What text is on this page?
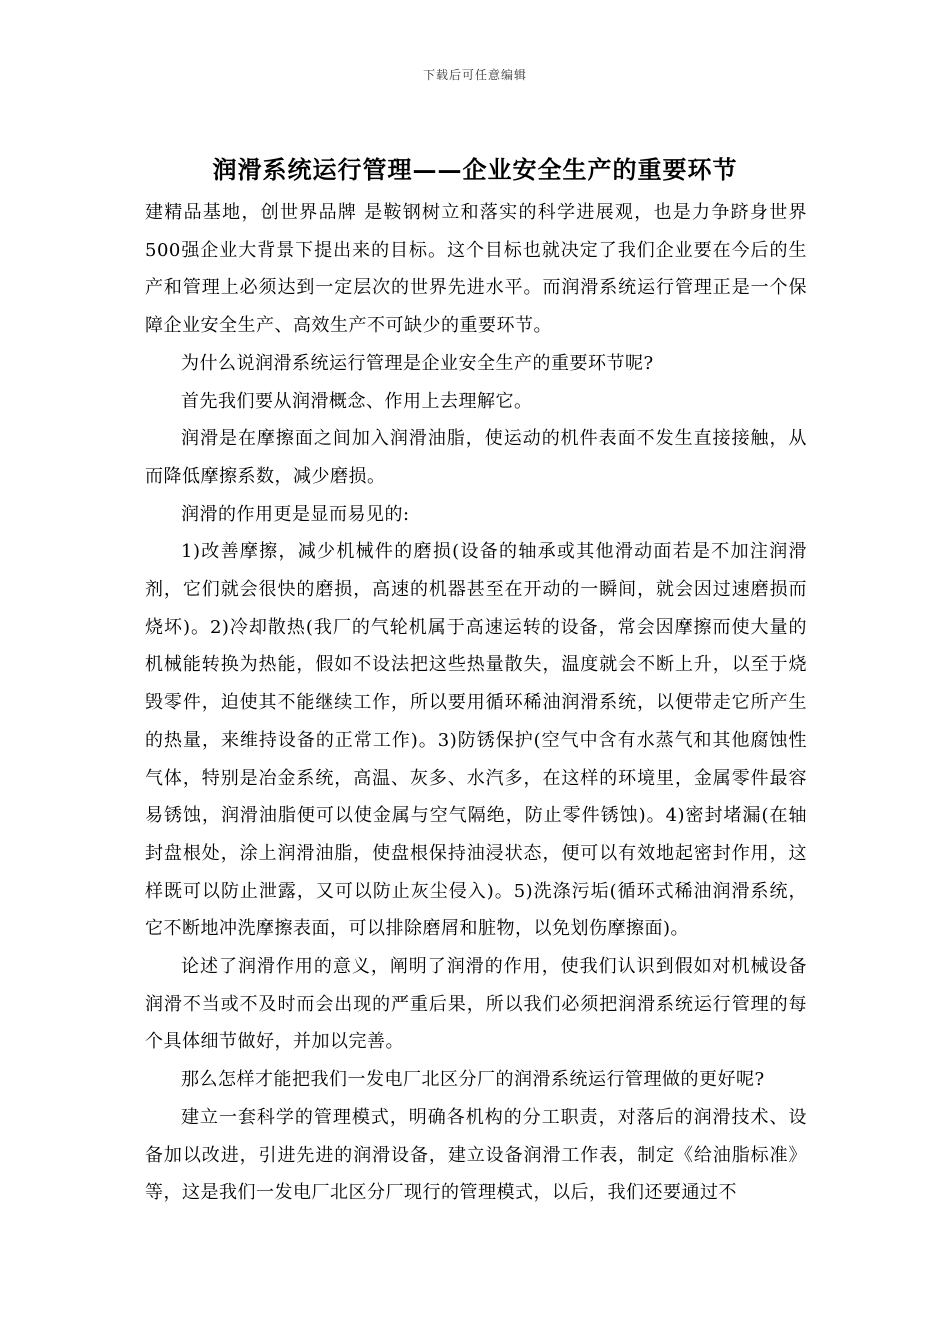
下载后可任意编辑
润滑系统运行管理——企业安全生产的重要环节

建精品基地，创世界品牌 是鞍钢树立和落实的科学进展观，也是力争跻身世界500强企业大背景下提出来的目标。这个目标也就决定了我们企业要在今后的生产和管理上必须达到一定层次的世界先进水平。而润滑系统运行管理正是一个保障企业安全生产、高效生产不可缺少的重要环节。

为什么说润滑系统运行管理是企业安全生产的重要环节呢?

首先我们要从润滑概念、作用上去理解它。

润滑是在摩擦面之间加入润滑油脂，使运动的机件表面不发生直接接触，从而降低摩擦系数，减少磨损。

润滑的作用更是显而易见的:

1)改善摩擦，减少机械件的磨损(设备的轴承或其他滑动面若是不加注润滑剂，它们就会很快的磨损，高速的机器甚至在开动的一瞬间，就会因过速磨损而烧坏)。2)冷却散热(我厂的气轮机属于高速运转的设备，常会因摩擦而使大量的机械能转换为热能，假如不设法把这些热量散失，温度就会不断上升，以至于烧毁零件，迫使其不能继续工作，所以要用循环稀油润滑系统，以便带走它所产生的热量，来维持设备的正常工作)。3)防锈保护(空气中含有水蒸气和其他腐蚀性气体，特别是冶金系统，高温、灰多、水汽多，在这样的环境里，金属零件最容易锈蚀，润滑油脂便可以使金属与空气隔绝，防止零件锈蚀)。4)密封堵漏(在轴封盘根处，涂上润滑油脂，使盘根保持油浸状态，便可以有效地起密封作用，这样既可以防止泄露，又可以防止灰尘侵入)。5)洗涤污垢(循环式稀油润滑系统，它不断地冲洗摩擦表面，可以排除磨屑和脏物，以免划伤摩擦面)。

论述了润滑作用的意义，阐明了润滑的作用，使我们认识到假如对机械设备润滑不当或不及时而会出现的严重后果，所以我们必须把润滑系统运行管理的每个具体细节做好，并加以完善。

那么怎样才能把我们一发电厂北区分厂的润滑系统运行管理做的更好呢?

建立一套科学的管理模式，明确各机构的分工职责，对落后的润滑技术、设备加以改进，引进先进的润滑设备，建立设备润滑工作表，制定《给油脂标准》等，这是我们一发电厂北区分厂现行的管理模式，以后，我们还要通过不
